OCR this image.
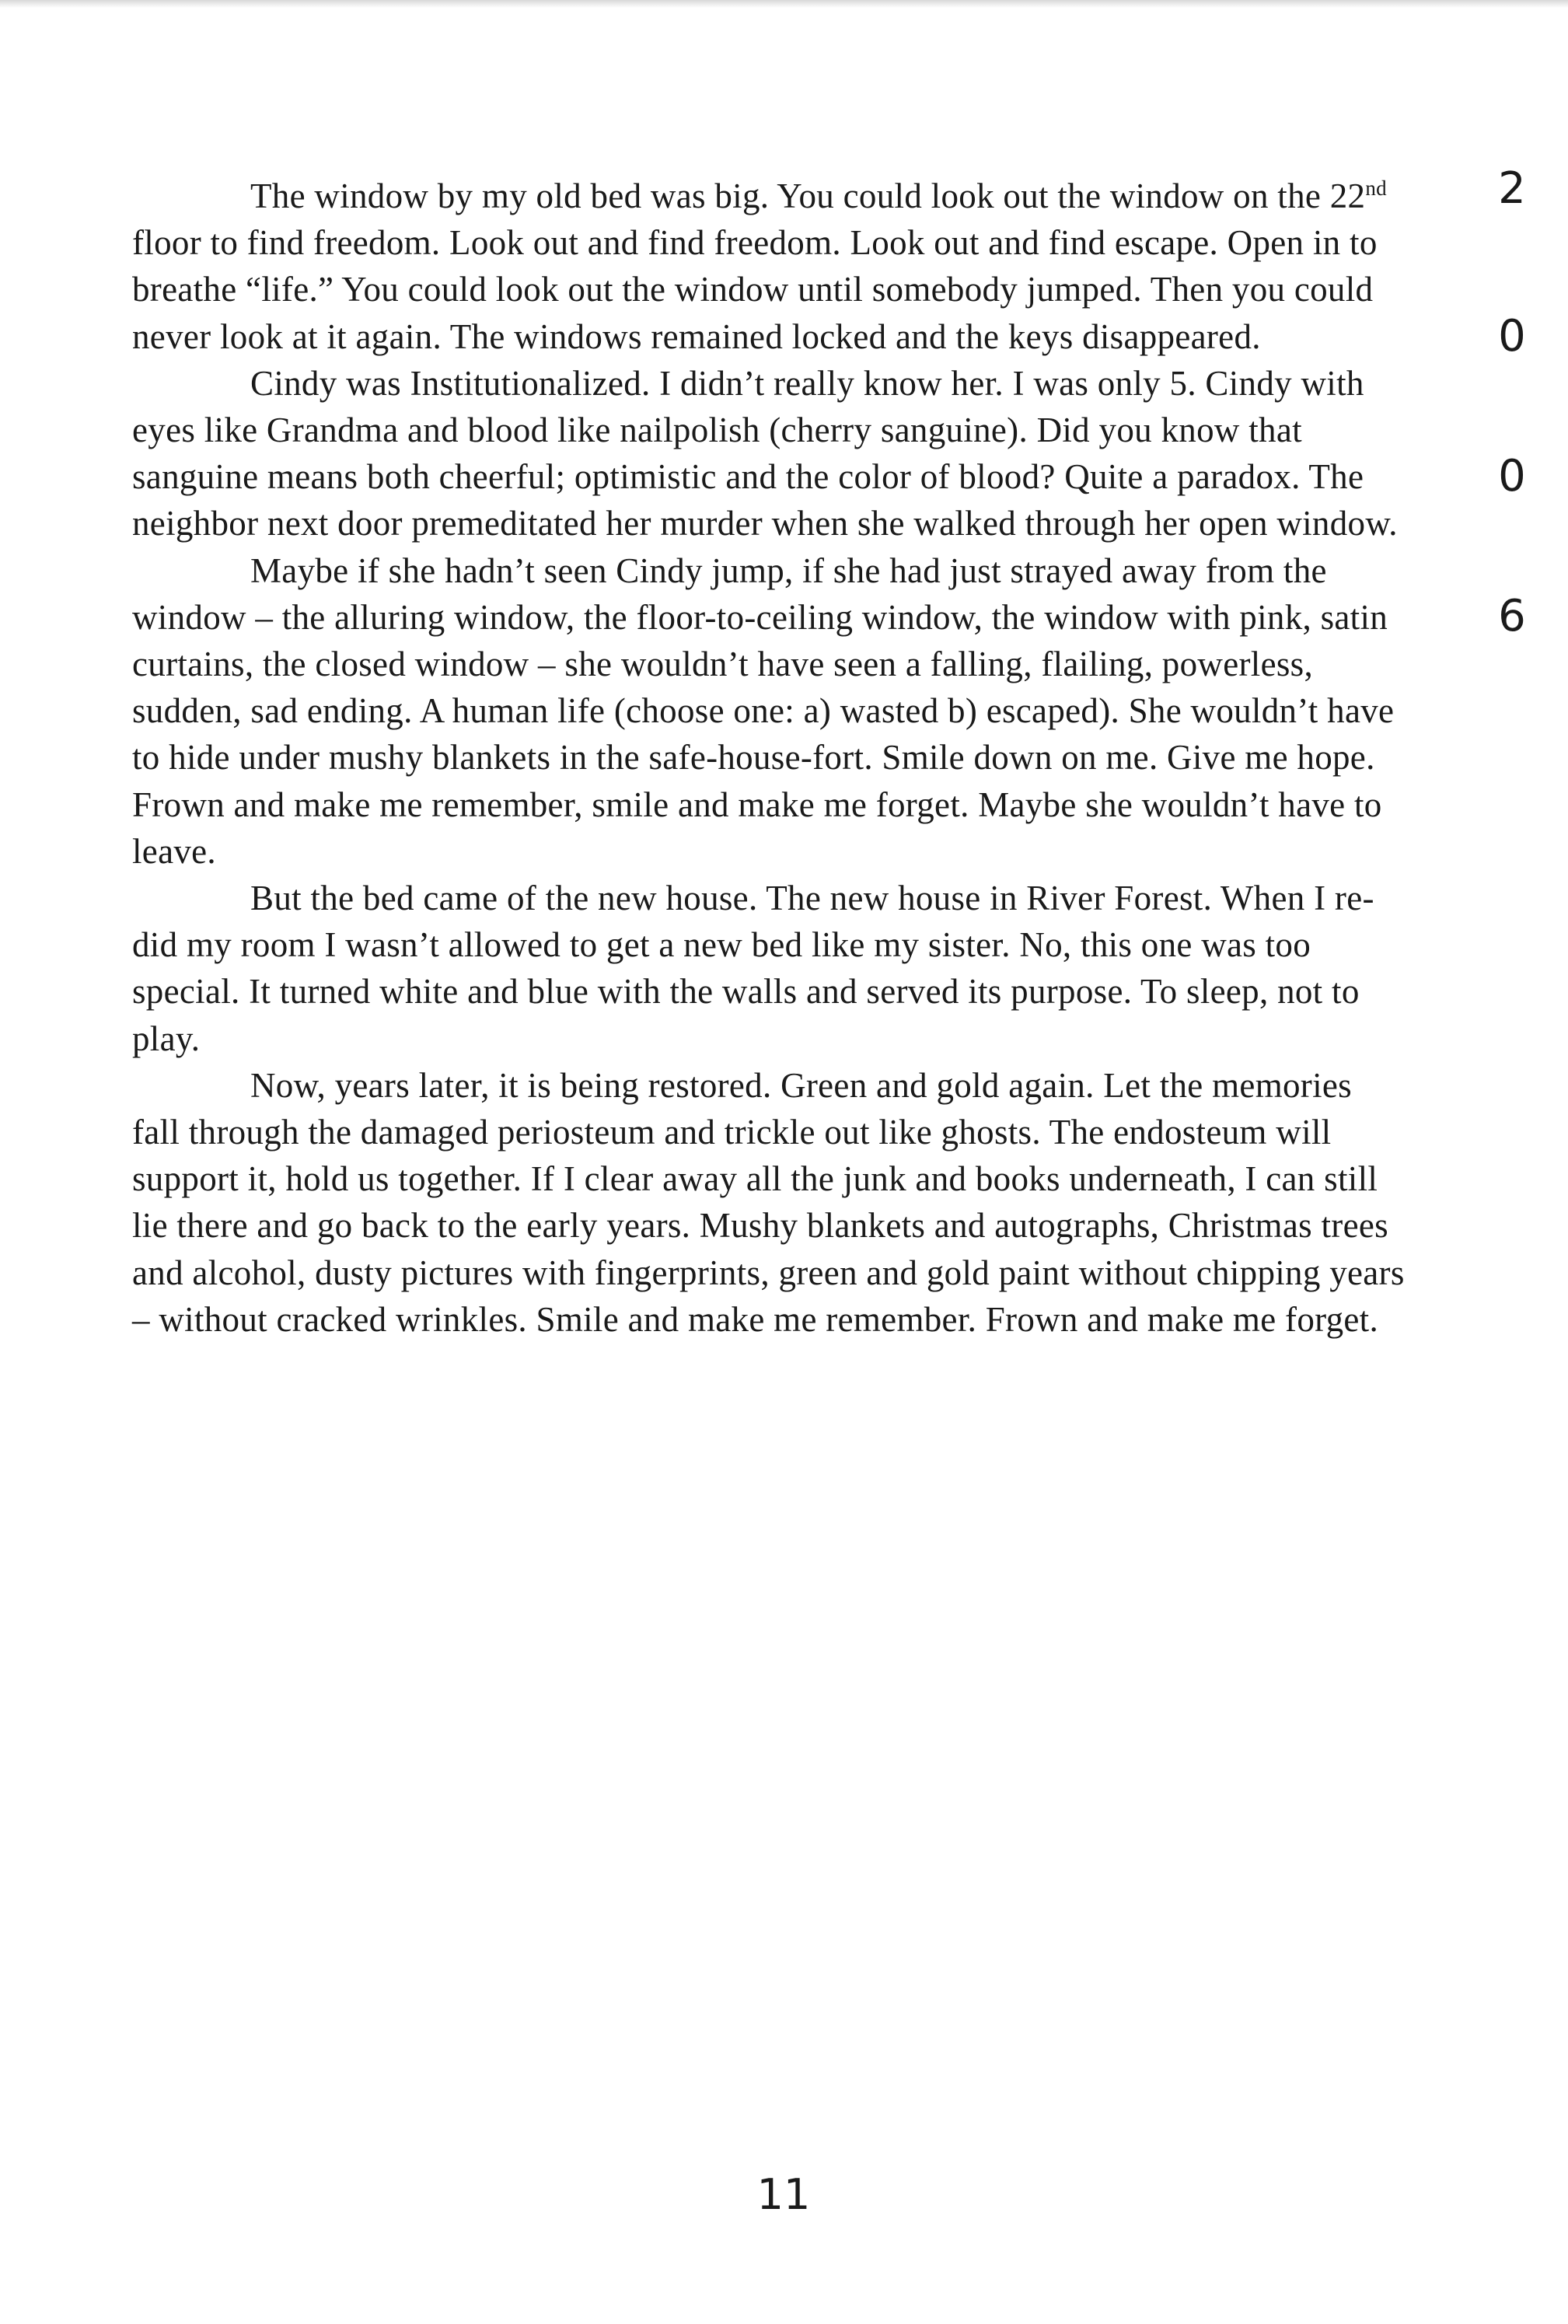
The window by my old bed was big. You could look out the window on the 22nd floor to find freedom. Look out and find freedom. Look out and find escape. Open in to breathe “life.” You could look out the window until somebody jumped. Then you could never look at it again. The windows remained locked and the keys disappeared.

Cindy was Institutionalized. I didn’t really know her. I was only 5. Cindy with eyes like Grandma and blood like nailpolish (cherry sanguine). Did you know that sanguine means both cheerful; optimistic and the color of blood? Quite a paradox. The neighbor next door premeditated her murder when she walked through her open window.

Maybe if she hadn’t seen Cindy jump, if she had just strayed away from the window – the alluring window, the floor-to-ceiling window, the window with pink, satin curtains, the closed window – she wouldn’t have seen a falling, flailing, powerless, sudden, sad ending. A human life (choose one: a) wasted b) escaped). She wouldn’t have to hide under mushy blankets in the safe-house-fort. Smile down on me. Give me hope. Frown and make me remember, smile and make me forget. Maybe she wouldn’t have to leave.

But the bed came of the new house. The new house in River Forest. When I re-did my room I wasn’t allowed to get a new bed like my sister. No, this one was too special. It turned white and blue with the walls and served its purpose. To sleep, not to play.

Now, years later, it is being restored. Green and gold again. Let the memories fall through the damaged periosteum and trickle out like ghosts. The endosteum will support it, hold us together. If I clear away all the junk and books underneath, I can still lie there and go back to the early years. Mushy blankets and autographs, Christmas trees and alcohol, dusty pictures with fingerprints, green and gold paint without chipping years – without cracked wrinkles. Smile and make me remember. Frown and make me forget.

2
0
0
6
11
